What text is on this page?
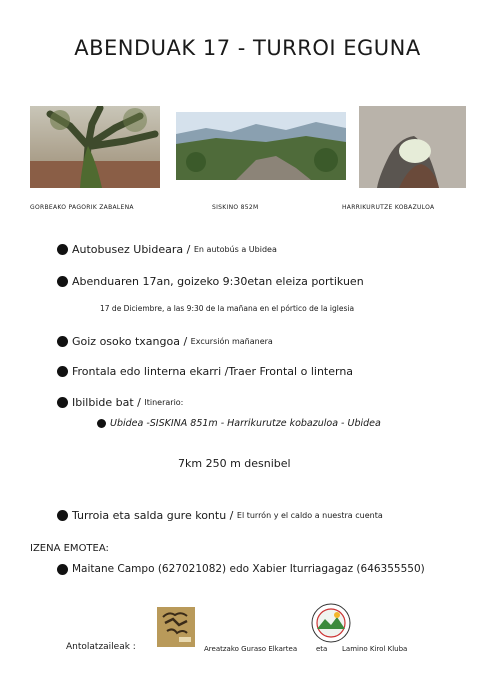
ABENDUAK 17 - TURROI EGUNA
GORBEAKO PAGORIK ZABALENA	SISKINO 852M	HARRIKURUTZE KOBAZULOA
Autobusez Ubideara / En autobús a Ubidea
Abenduaren 17an, goizeko 9:30etan eleiza portikuen
17 de Diciembre, a las 9:30 de la mañana en el pórtico de la iglesia
Goiz osoko txangoa / Excursión mañanera
Frontala edo linterna ekarri /Traer Frontal o linterna
Ibilbide bat / Itinerario:
Ubidea -SISKINA 851m - Harrikurutze kobazuloa - Ubidea
7km 250 m desnibel
Turroia eta salda gure kontu / El turrón y el caldo a nuestra cuenta
IZENA EMOTEA:
Maitane Campo (627021082) edo Xabier Iturriagagaz (646355550)
Antolatzaileak :	Areatzako Guraso Elkartea	eta Lamino Kirol Kluba
